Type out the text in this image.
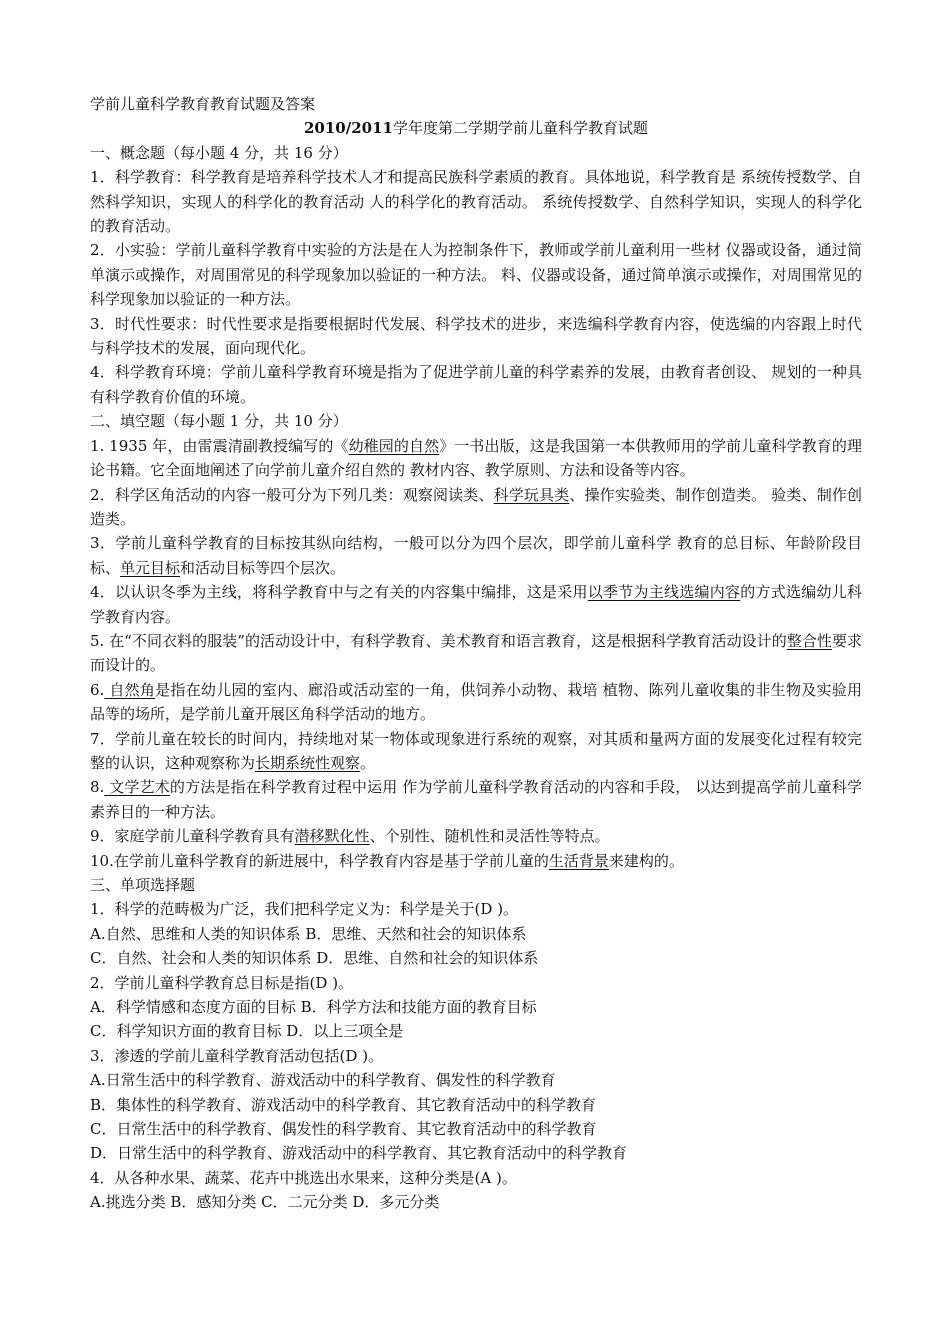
学前儿童科学教育教育试题及答案

2010/2011学年度第二学期学前儿童科学教育试题

一、概念题（每小题 4 分，共 16 分）

1．科学教育：科学教育是培养科学技术人才和提高民族科学素质的教育。具体地说，科学教育是 系统传授数学、自然科学知识，实现人的科学化的教育活动 人的科学化的教育活动。 系统传授数学、自然科学知识，实现人的科学化的教育活动。

2．小实验：学前儿童科学教育中实验的方法是在人为控制条件下，教师或学前儿童利用一些材 仪器或设备，通过简单演示或操作，对周围常见的科学现象加以验证的一种方法。 料、仪器或设备，通过简单演示或操作，对周围常见的科学现象加以验证的一种方法。

3．时代性要求：时代性要求是指要根据时代发展、科学技术的进步，来选编科学教育内容，使选编的内容跟上时代与科学技术的发展，面向现代化。

4．科学教育环境：学前儿童科学教育环境是指为了促进学前儿童的科学素养的发展，由教育者创设、 规划的一种具有科学教育价值的环境。

二、填空题（每小题 1 分，共 10 分）

1. 1935 年，由雷震清副教授编写的《幼稚园的自然》一书出版，这是我国第一本供教师用的学前儿童科学教育的理论书籍。它全面地阐述了向学前儿童介绍自然的 教材内容、教学原则、方法和设备等内容。

2．科学区角活动的内容一般可分为下列几类：观察阅读类、科学玩具类、操作实验类、制作创造类。 验类、制作创造类。

3．学前儿童科学教育的目标按其纵向结构，一般可以分为四个层次，即学前儿童科学 教育的总目标、年龄阶段目标、单元目标和活动目标等四个层次。

4．以认识冬季为主线，将科学教育中与之有关的内容集中编排，这是采用以季节为主线选编内容的方式选编幼儿科学教育内容。

5. 在“不同衣料的服装”的活动设计中，有科学教育、美术教育和语言教育，这是根据科学教育活动设计的整合性要求而设计的。

6. 自然角是指在幼儿园的室内、廊沿或活动室的一角，供饲养小动物、栽培 植物、陈列儿童收集的非生物及实验用品等的场所，是学前儿童开展区角科学活动的地方。

7．学前儿童在较长的时间内，持续地对某一物体或现象进行系统的观察，对其质和量两方面的发展变化过程有较完整的认识，这种观察称为长期系统性观察。

8. 文学艺术的方法是指在科学教育过程中运用 作为学前儿童科学教育活动的内容和手段， 以达到提高学前儿童科学素养目的一种方法。

9．家庭学前儿童科学教育具有潜移默化性、个别性、随机性和灵活性等特点。

10.在学前儿童科学教育的新进展中，科学教育内容是基于学前儿童的生活背景来建构的。

三、单项选择题

1．科学的范畴极为广泛，我们把科学定义为：科学是关于(D )。

A.自然、思维和人类的知识体系 B．思维、天然和社会的知识体系

C．自然、社会和人类的知识体系 D．思维、自然和社会的知识体系

2．学前儿童科学教育总目标是指(D )。

A．科学情感和态度方面的目标 B．科学方法和技能方面的教育目标

C．科学知识方面的教育目标 D．以上三项全是

3．渗透的学前儿童科学教育活动包括(D )。

A.日常生活中的科学教育、游戏活动中的科学教育、偶发性的科学教育

B．集体性的科学教育、游戏活动中的科学教育、其它教育活动中的科学教育

C．日常生活中的科学教育、偶发性的科学教育、其它教育活动中的科学教育

D．日常生活中的科学教育、游戏活动中的科学教育、其它教育活动中的科学教育

4．从各种水果、蔬菜、花卉中挑选出水果来，这种分类是(A )。

A.挑选分类 B．感知分类 C．二元分类 D．多元分类
